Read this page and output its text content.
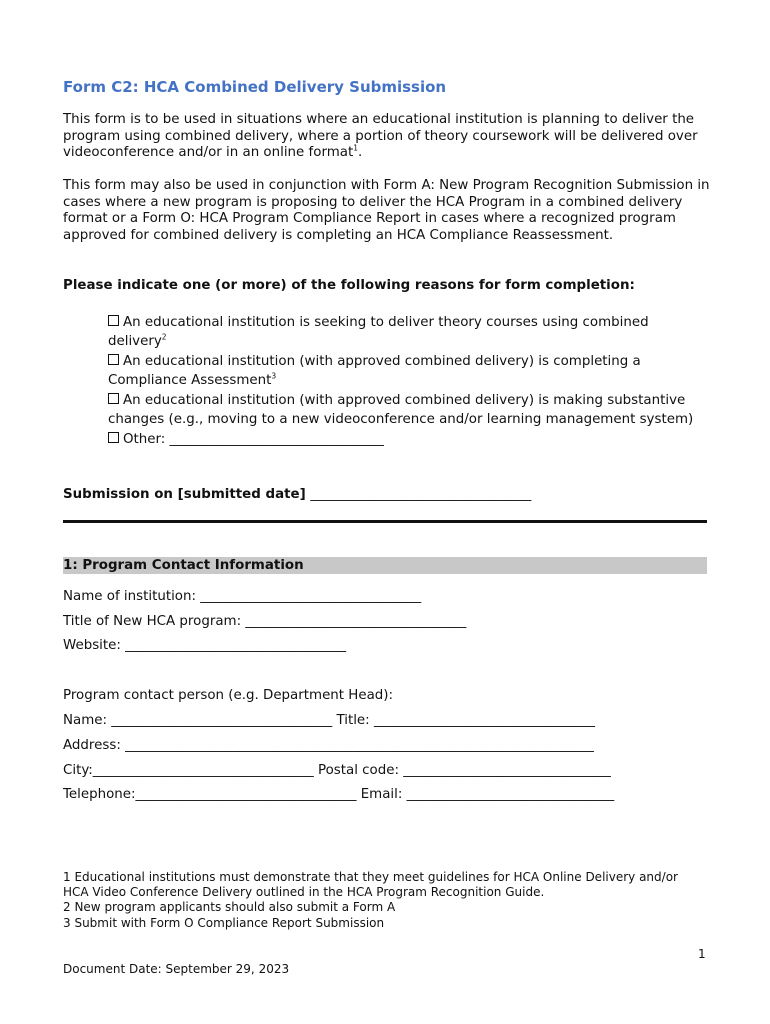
Form C2: HCA Combined Delivery Submission
This form is to be used in situations where an educational institution is planning to deliver the program using combined delivery, where a portion of theory coursework will be delivered over videoconference and/or in an online format$^1$.
This form may also be used in conjunction with Form A: New Program Recognition Submission in cases where a new program is proposing to deliver the HCA Program in a combined delivery format or a Form O: HCA Program Compliance Report in cases where a recognized program approved for combined delivery is completing an HCA Compliance Reassessment.
Please indicate one (or more) of the following reasons for form completion:
An educational institution is seeking to deliver theory courses using combined delivery$^2$
An educational institution (with approved combined delivery) is completing a Compliance Assessment$^3$
An educational institution (with approved combined delivery) is making substantive changes (e.g., moving to a new videoconference and/or learning management system)
Other: ________________________________
Submission on [submitted date] _________________________________
1: Program Contact Information
Name of institution: _________________________________
Title of New HCA program: _________________________________
Website: _________________________________
Program contact person (e.g. Department Head):
Name: _________________________________ Title: _________________________________
Address: ______________________________________________________________________
City:_________________________________ Postal code: _______________________________
Telephone:_________________________________ Email: _______________________________
1 Educational institutions must demonstrate that they meet guidelines for HCA Online Delivery and/or HCA Video Conference Delivery outlined in the HCA Program Recognition Guide.
2 New program applicants should also submit a Form A
3 Submit with Form O Compliance Report Submission
1
Document Date: September 29, 2023
